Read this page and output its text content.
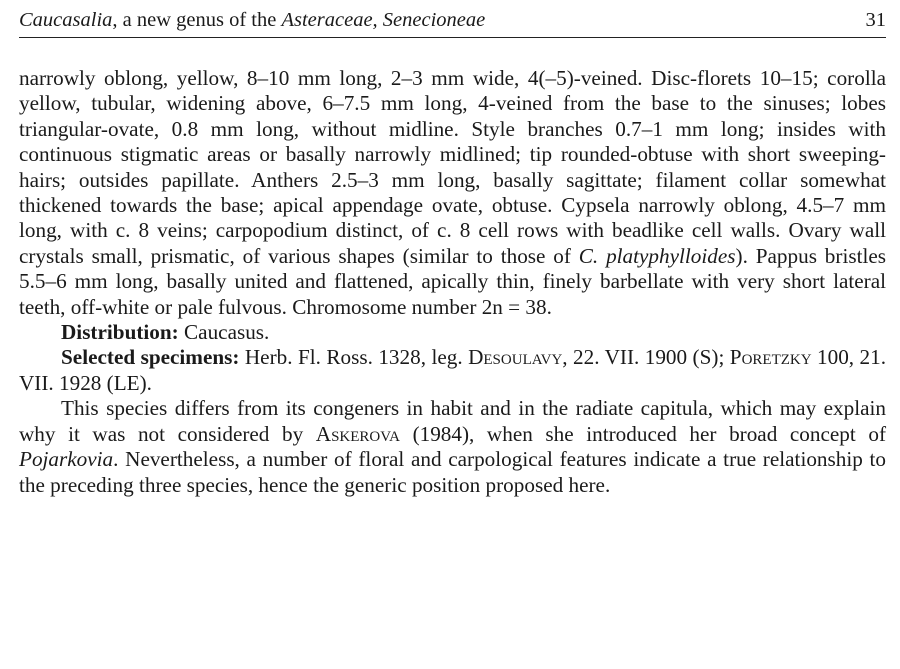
Caucasalia, a new genus of the Asteraceae, Senecioneae	31

narrowly oblong, yellow, 8–10 mm long, 2–3 mm wide, 4(–5)-veined. Disc-florets 10–15; corolla yellow, tubular, widening above, 6–7.5 mm long, 4-veined from the base to the sinuses; lobes triangular-ovate, 0.8 mm long, without midline. Style branches 0.7–1 mm long; insides with continuous stigmatic areas or basally narrowly midlined; tip rounded-obtuse with short sweeping-hairs; outsides papillate. Anthers 2.5–3 mm long, basally sagittate; filament collar somewhat thickened towards the base; apical appendage ovate, obtuse. Cypsela narrowly oblong, 4.5–7 mm long, with c. 8 veins; carpopodium distinct, of c. 8 cell rows with beadlike cell walls. Ovary wall crystals small, prismatic, of various shapes (similar to those of C. platyphylloides). Pappus bristles 5.5–6 mm long, basally united and flattened, apically thin, finely barbellate with very short lateral teeth, off-white or pale fulvous. Chromosome number 2n = 38.

Distribution: Caucasus.

Selected specimens: Herb. Fl. Ross. 1328, leg. Desoulavy, 22. VII. 1900 (S); Poretzky 100, 21. VII. 1928 (LE).

This species differs from its congeners in habit and in the radiate capitula, which may explain why it was not considered by Askerova (1984), when she introduced her broad concept of Pojarkovia. Nevertheless, a number of floral and carpological features indicate a true relationship to the preceding three species, hence the generic position proposed here.
